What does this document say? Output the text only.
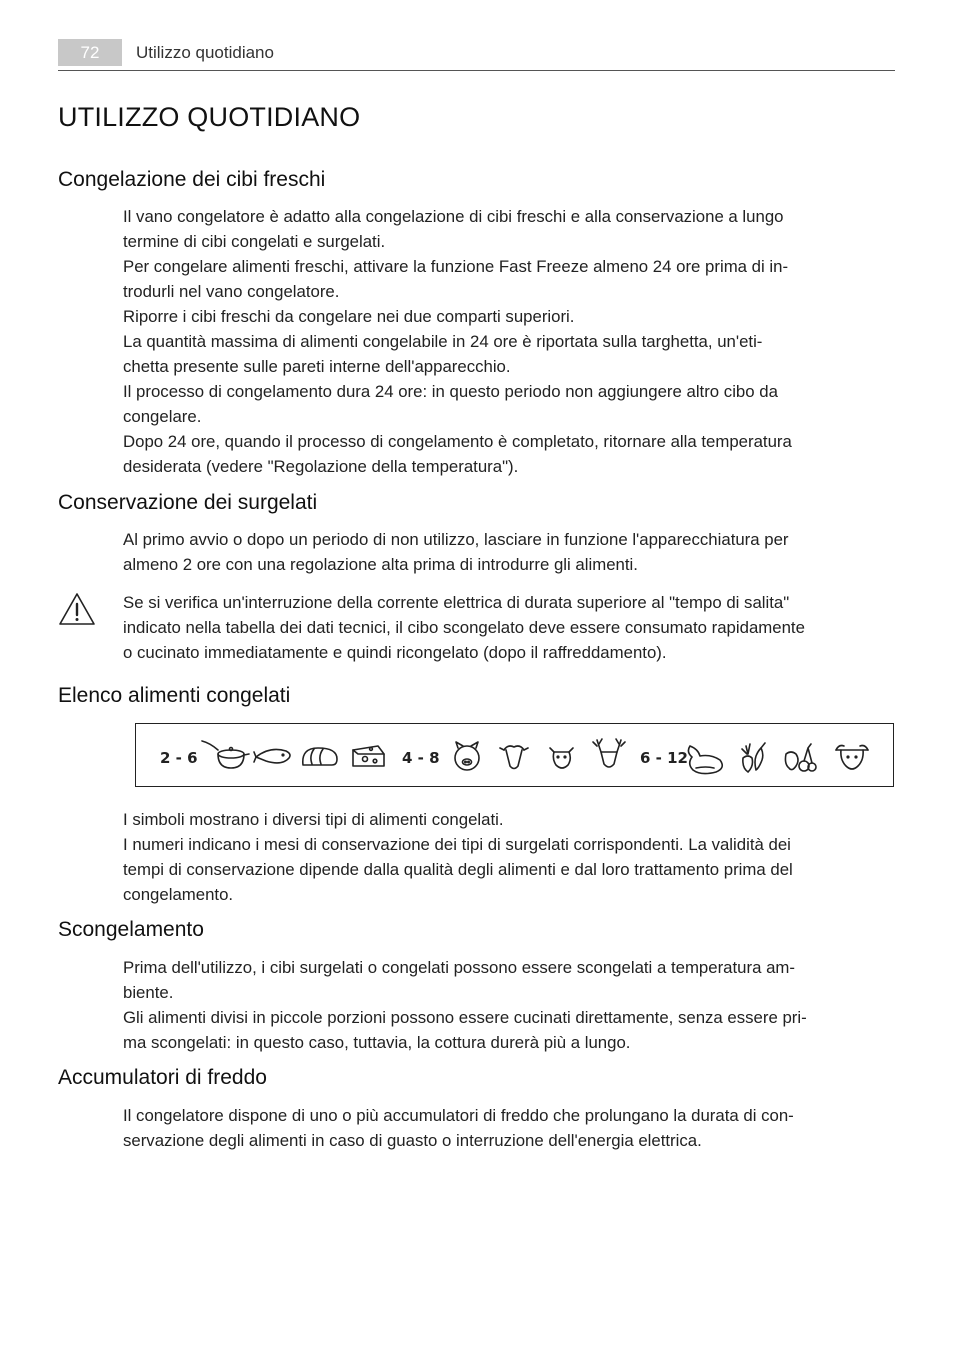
72	Utilizzo quotidiano
UTILIZZO QUOTIDIANO
Congelazione dei cibi freschi
Il vano congelatore è adatto alla congelazione di cibi freschi e alla conservazione a lungo
termine di cibi congelati e surgelati.
Per congelare alimenti freschi, attivare la funzione Fast Freeze almeno 24 ore prima di in-
trodurli nel vano congelatore.
Riporre i cibi freschi da congelare nei due comparti superiori.
La quantità massima di alimenti congelabile in 24 ore è riportata sulla targhetta, un'eti-
chetta presente sulle pareti interne dell'apparecchio.
Il processo di congelamento dura 24 ore: in questo periodo non aggiungere altro cibo da
congelare.
Dopo 24 ore, quando il processo di congelamento è completato, ritornare alla temperatura
desiderata (vedere "Regolazione della temperatura").
Conservazione dei surgelati
Al primo avvio o dopo un periodo di non utilizzo, lasciare in funzione l'apparecchiatura per
almeno 2 ore con una regolazione alta prima di introdurre gli alimenti.
Se si verifica un'interruzione della corrente elettrica di durata superiore al "tempo di salita"
indicato nella tabella dei dati tecnici, il cibo scongelato deve essere consumato rapidamente
o cucinato immediatamente e quindi ricongelato (dopo il raffreddamento).
Elenco alimenti congelati
2 - 6	4 - 8	6 - 12
I simboli mostrano i diversi tipi di alimenti congelati.
I numeri indicano i mesi di conservazione dei tipi di surgelati corrispondenti. La validità dei
tempi di conservazione dipende dalla qualità degli alimenti e dal loro trattamento prima del
congelamento.
Scongelamento
Prima dell'utilizzo, i cibi surgelati o congelati possono essere scongelati a temperatura am-
biente.
Gli alimenti divisi in piccole porzioni possono essere cucinati direttamente, senza essere pri-
ma scongelati: in questo caso, tuttavia, la cottura durerà più a lungo.
Accumulatori di freddo
Il congelatore dispone di uno o più accumulatori di freddo che prolungano la durata di con-
servazione degli alimenti in caso di guasto o interruzione dell'energia elettrica.
